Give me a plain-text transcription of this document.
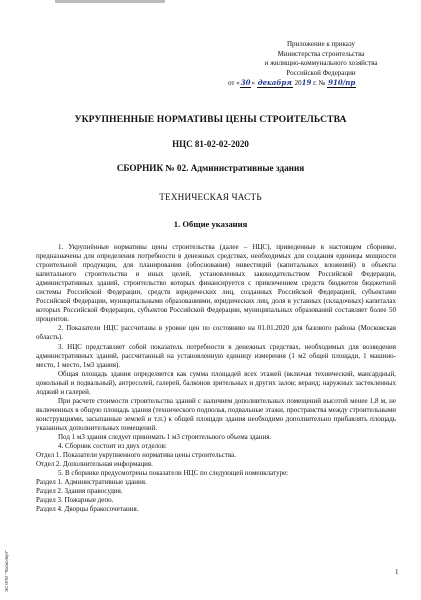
Приложение к приказу
Министерства строительства
и жилищно-коммунального хозяйства
Российской Федерации
от «30» декабря 2019 г. № 910/пр
УКРУПНЕННЫЕ НОРМАТИВЫ ЦЕНЫ СТРОИТЕЛЬСТВА
НЦС 81-02-02-2020
СБОРНИК № 02. Административные здания
ТЕХНИЧЕСКАЯ ЧАСТЬ
1. Общие указания

1. Укрупнённые нормативы цены строительства (далее – НЦС), приведенные в настоящем сборнике, предназначены для определения потребности в денежных средствах, необходимых для создания единицы мощности строительной продукции, для планирования (обоснования) инвестиций (капитальных вложений) в объекты капитального строительства и иных целей, установленных законодательством Российской Федерации, административных зданий, строительство которых финансируется с привлечением средств бюджетов бюджетной системы Российской Федерации, средств юридических лиц, созданных Российской Федерацией, субъектами Российской Федерации, муниципальными образованиями, юридических лиц, доля в уставных (складочных) капиталах которых Российской Федерации, субъектов Российской Федерации, муниципальных образований составляет более 50 процентов.

2. Показатели НЦС рассчитаны в уровне цен по состоянию на 01.01.2020 для базового района (Московская область).

3. НЦС представляет собой показатель потребности в денежных средствах, необходимых для возведения административных зданий, рассчитанный на установленную единицу измерения (1 м2 общей площади, 1 машино-место, 1 место, 1м3 здания).

Общая площадь здания определяется как сумма площадей всех этажей (включая технический, мансардный, цокольный и подвальный), антресолей, галерей, балконов зрительных и других залов; веранд; наружных застекленных лоджий и галерей.

При расчете стоимости строительства зданий с наличием дополнительных помещений высотой менее 1,8 м, не включенных в общую площадь здания (технического подполья, подвальные этажи, пространства между строительными конструкциями, засыпанные землей и т.п.) к общей площади здания необходимо дополнительно прибавлять площадь указанных дополнительных помещений.

Под 1 м3 здания следует принимать 1 м3 строительного объема здания.

4. Сборник состоит из двух отделов:

Отдел 1. Показатели укрупненного норматива цены строительства.

Отдел 2. Дополнительная информация.

5. В сборнике предусмотрены показатели НЦС по следующей номенклатуре:

Раздел 1. Административные здания.

Раздел 2. Здания правосудия.

Раздел 3. Пожарные депо.

Раздел 4. Дворцы бракосочетания.

ЭС ИПИ "Техэксперт"	1
